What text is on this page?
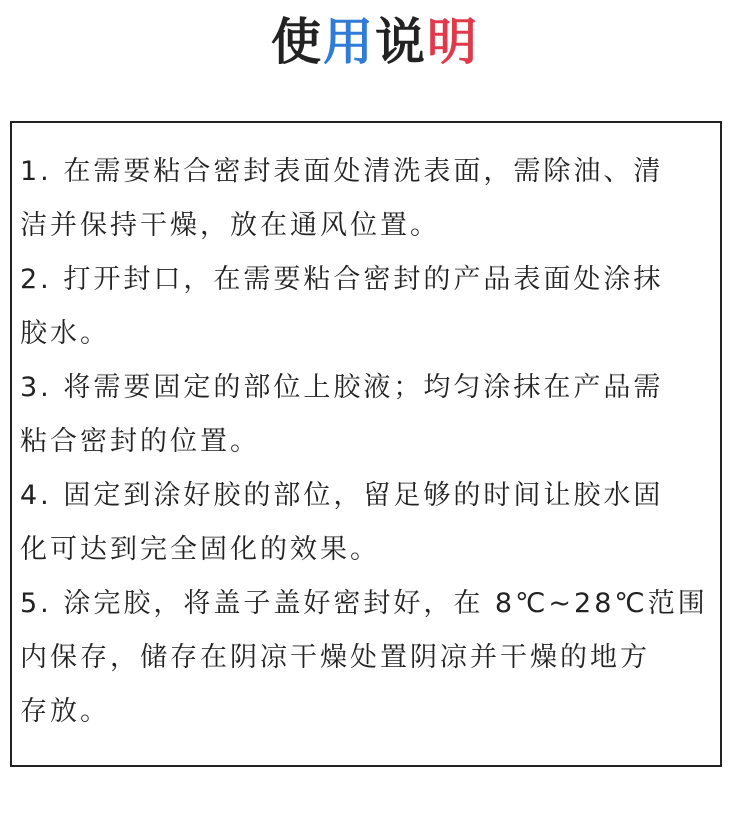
使用说明
1. 在需要粘合密封表面处清洗表面，需除油、清
洁并保持干燥，放在通风位置。
2. 打开封口，在需要粘合密封的产品表面处涂抹
胶水。
3. 将需要固定的部位上胶液；均匀涂抹在产品需
粘合密封的位置。
4. 固定到涂好胶的部位，留足够的时间让胶水固
化可达到完全固化的效果。
5. 涂完胶，将盖子盖好密封好，在 8℃~28℃范围
内保存，储存在阴凉干燥处置阴凉并干燥的地方
存放。
